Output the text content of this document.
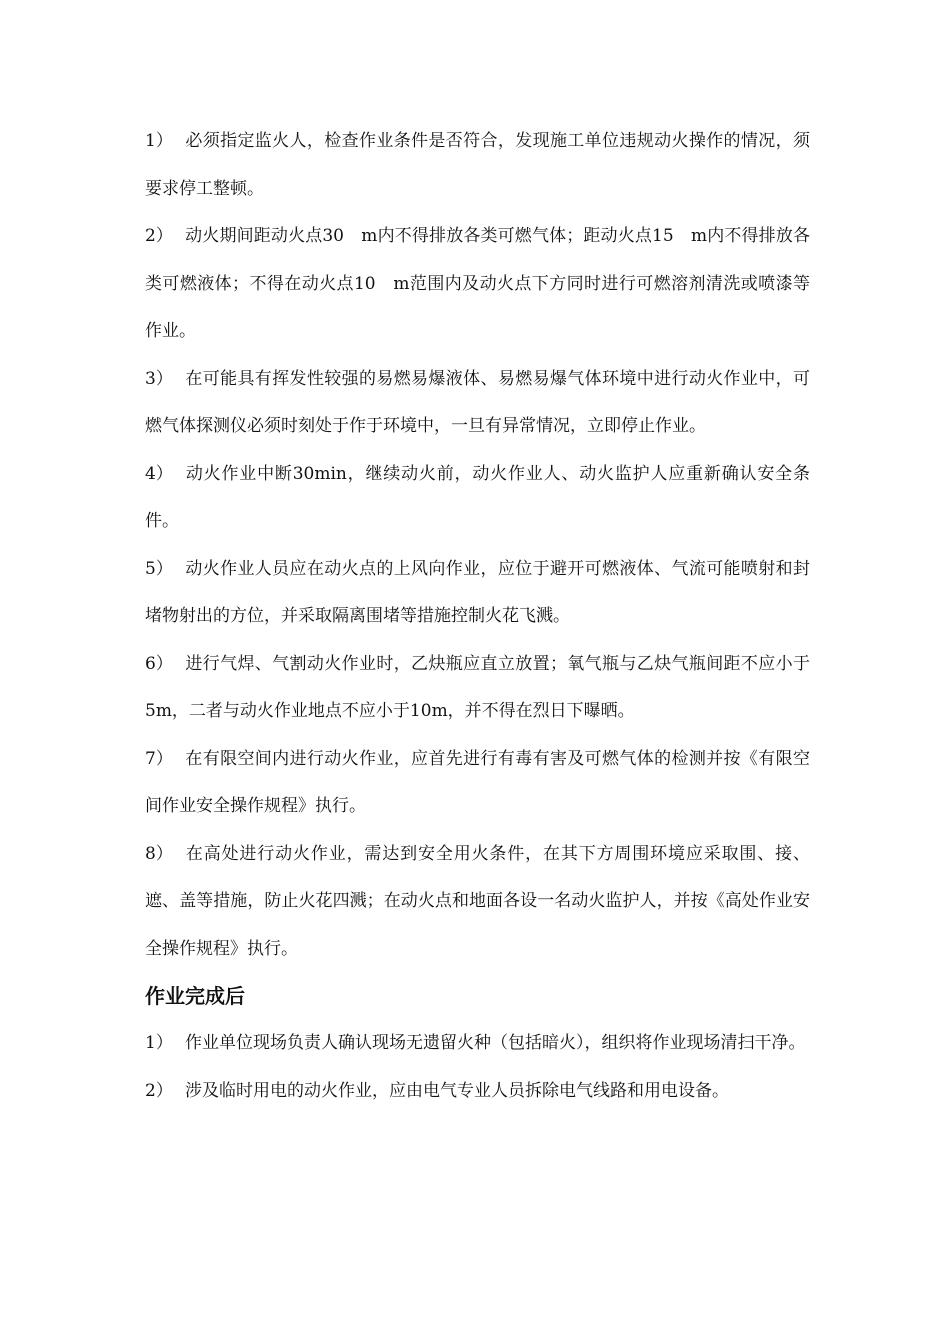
1） 必须指定监火人，检查作业条件是否符合，发现施工单位违规动火操作的情况，须要求停工整顿。

2） 动火期间距动火点30　m内不得排放各类可燃气体；距动火点15　m内不得排放各类可燃液体；不得在动火点10　m范围内及动火点下方同时进行可燃溶剂清洗或喷漆等作业。

3） 在可能具有挥发性较强的易燃易爆液体、易燃易爆气体环境中进行动火作业中，可燃气体探测仪必须时刻处于作于环境中，一旦有异常情况，立即停止作业。

4） 动火作业中断30min，继续动火前，动火作业人、动火监护人应重新确认安全条件。

5） 动火作业人员应在动火点的上风向作业，应位于避开可燃液体、气流可能喷射和封堵物射出的方位，并采取隔离围堵等措施控制火花飞溅。

6） 进行气焊、气割动火作业时，乙炔瓶应直立放置；氧气瓶与乙炔气瓶间距不应小于5m，二者与动火作业地点不应小于10m，并不得在烈日下曝晒。

7） 在有限空间内进行动火作业，应首先进行有毒有害及可燃气体的检测并按《有限空间作业安全操作规程》执行。

8） 在高处进行动火作业，需达到安全用火条件，在其下方周围环境应采取围、接、遮、盖等措施，防止火花四溅；在动火点和地面各设一名动火监护人，并按《高处作业安全操作规程》执行。

作业完成后

1） 作业单位现场负责人确认现场无遗留火种（包括暗火），组织将作业现场清扫干净。

2） 涉及临时用电的动火作业，应由电气专业人员拆除电气线路和用电设备。
